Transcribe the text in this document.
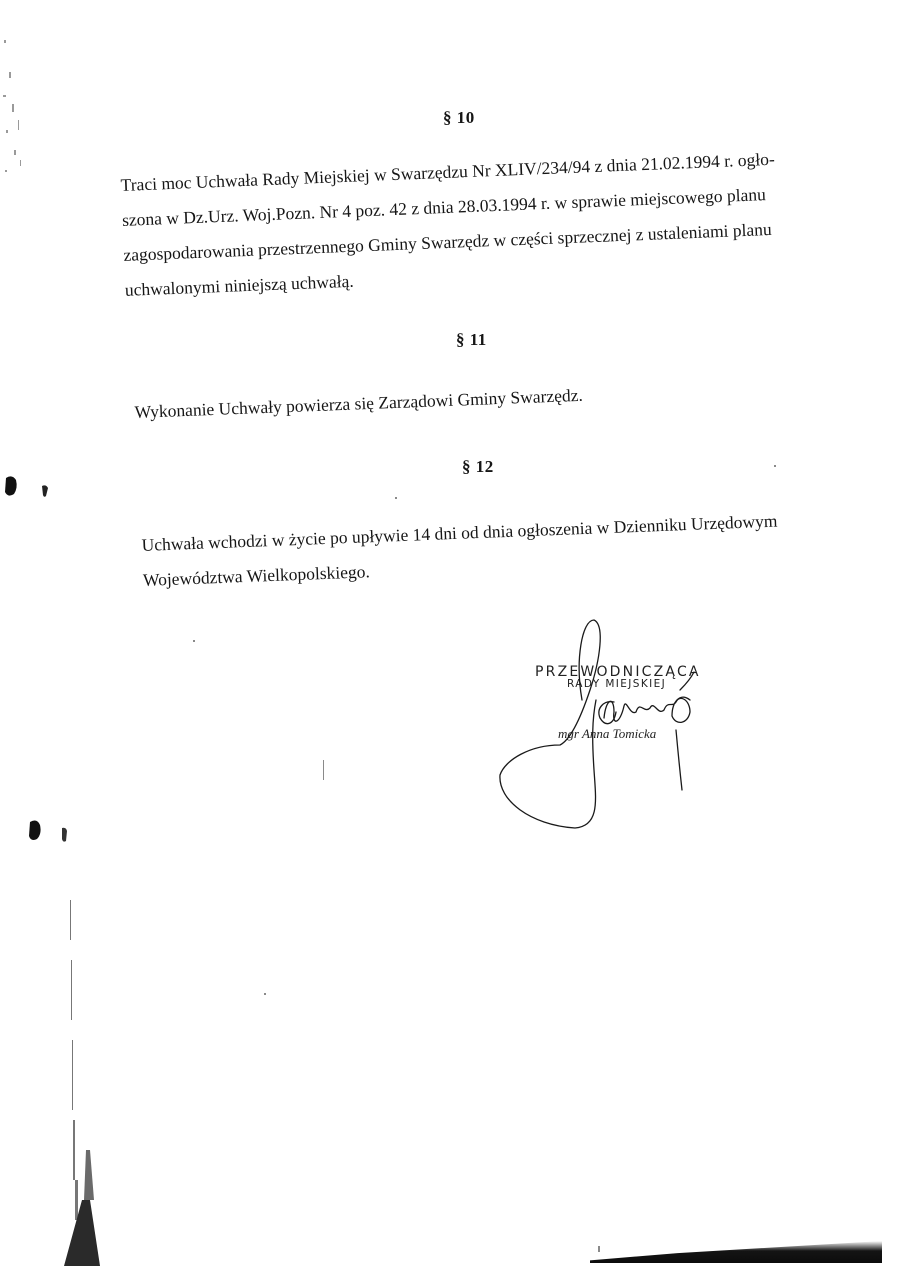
§ 10
Traci moc Uchwała Rady Miejskiej w Swarzędzu Nr XLIV/234/94 z dnia 21.02.1994 r. ogło-
szona w Dz.Urz. Woj.Pozn. Nr 4 poz. 42 z dnia 28.03.1994 r. w sprawie miejscowego planu
zagospodarowania przestrzennego Gminy Swarzędz w części sprzecznej z ustaleniami planu
uchwalonymi niniejszą uchwałą.
§ 11
Wykonanie Uchwały powierza się Zarządowi Gminy Swarzędz.
§ 12
Uchwała wchodzi w życie po upływie 14 dni od dnia ogłoszenia w Dzienniku Urzędowym
Województwa Wielkopolskiego.
PRZEWODNICZĄCA
RADY MIEJSKIEJ
mgr Anna Tomicka
